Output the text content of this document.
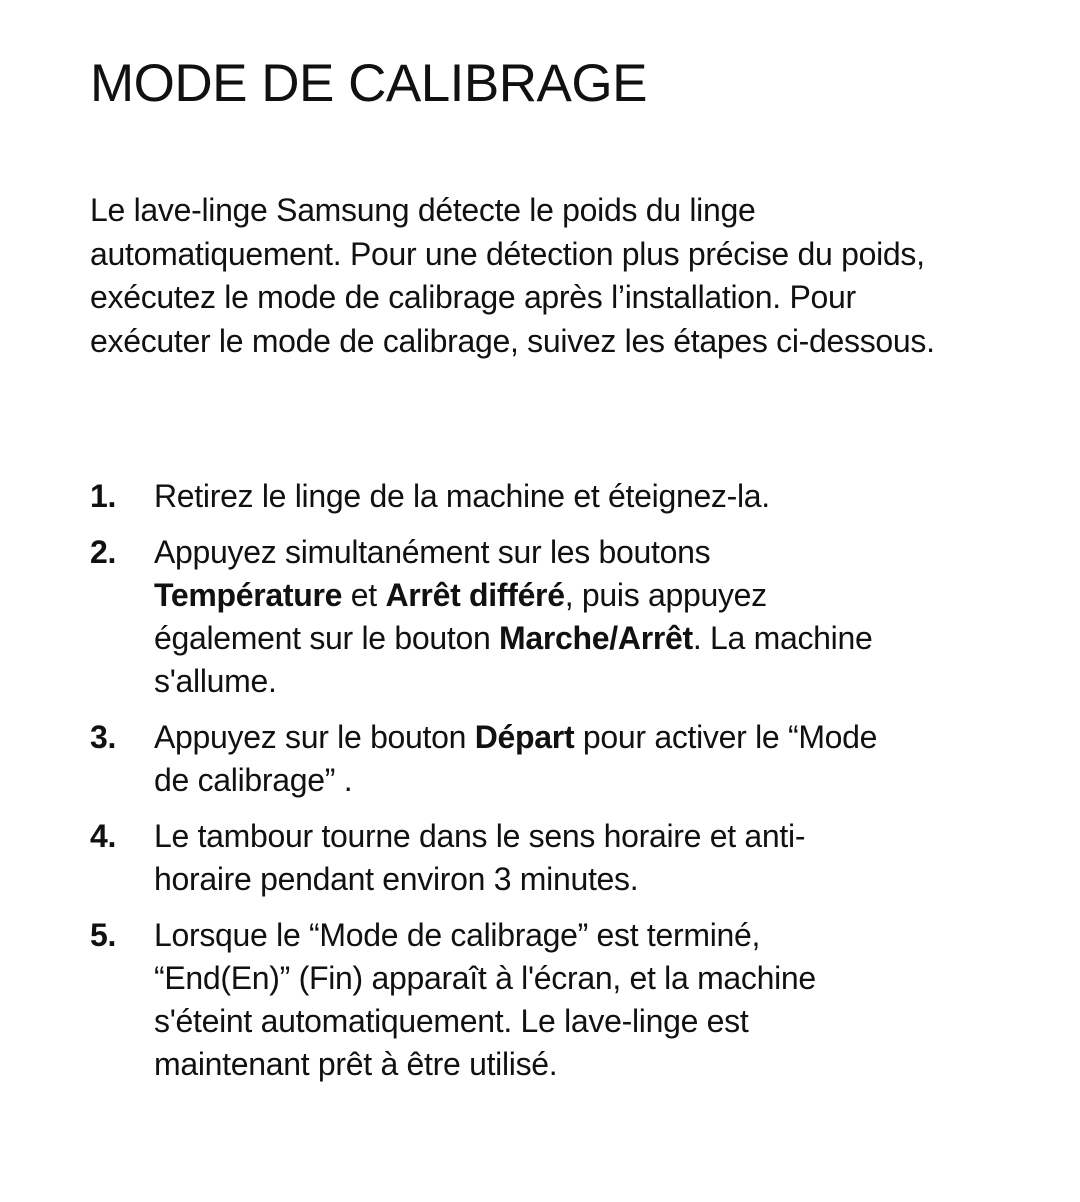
MODE DE CALIBRAGE

Le lave-linge Samsung détecte le poids du linge automatiquement. Pour une détection plus précise du poids, exécutez le mode de calibrage après l’installation. Pour exécuter le mode de calibrage, suivez les étapes ci-dessous.

1.	Retirez le linge de la machine et éteignez-la.
2.	Appuyez simultanément sur les boutons Température et Arrêt différé, puis appuyez également sur le bouton Marche/Arrêt. La machine s'allume.
3.	Appuyez sur le bouton Départ pour activer le “Mode de calibrage” .
4.	Le tambour tourne dans le sens horaire et anti-horaire pendant environ 3 minutes.
5.	Lorsque le “Mode de calibrage” est terminé, “End(En)” (Fin) apparaît à l'écran, et la machine s'éteint automatiquement. Le lave-linge est maintenant prêt à être utilisé.
